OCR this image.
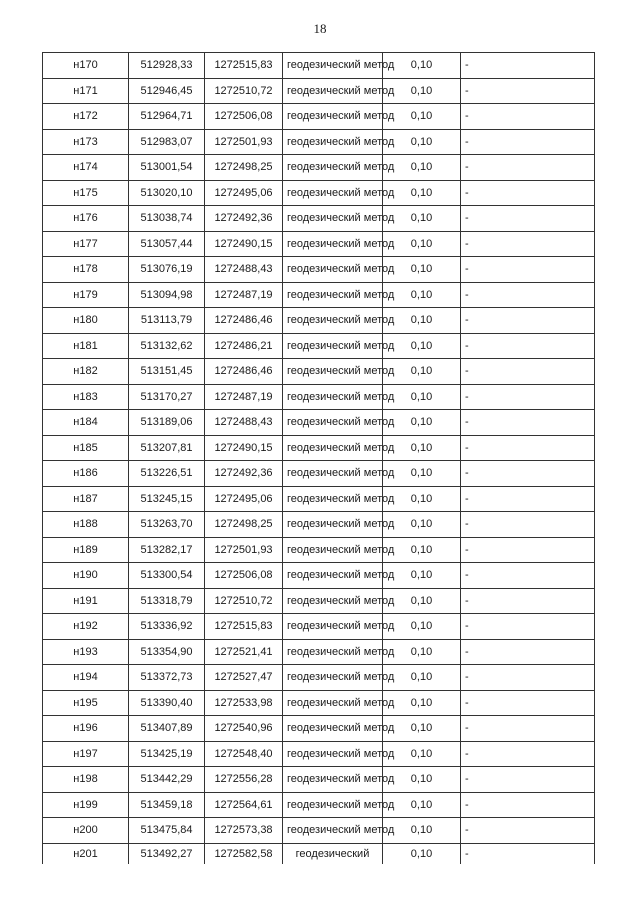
18
н170	512928,33	1272515,83	геодезический метод	0,10	-
н171	512946,45	1272510,72	геодезический метод	0,10	-
н172	512964,71	1272506,08	геодезический метод	0,10	-
н173	512983,07	1272501,93	геодезический метод	0,10	-
н174	513001,54	1272498,25	геодезический метод	0,10	-
н175	513020,10	1272495,06	геодезический метод	0,10	-
н176	513038,74	1272492,36	геодезический метод	0,10	-
н177	513057,44	1272490,15	геодезический метод	0,10	-
н178	513076,19	1272488,43	геодезический метод	0,10	-
н179	513094,98	1272487,19	геодезический метод	0,10	-
н180	513113,79	1272486,46	геодезический метод	0,10	-
н181	513132,62	1272486,21	геодезический метод	0,10	-
н182	513151,45	1272486,46	геодезический метод	0,10	-
н183	513170,27	1272487,19	геодезический метод	0,10	-
н184	513189,06	1272488,43	геодезический метод	0,10	-
н185	513207,81	1272490,15	геодезический метод	0,10	-
н186	513226,51	1272492,36	геодезический метод	0,10	-
н187	513245,15	1272495,06	геодезический метод	0,10	-
н188	513263,70	1272498,25	геодезический метод	0,10	-
н189	513282,17	1272501,93	геодезический метод	0,10	-
н190	513300,54	1272506,08	геодезический метод	0,10	-
н191	513318,79	1272510,72	геодезический метод	0,10	-
н192	513336,92	1272515,83	геодезический метод	0,10	-
н193	513354,90	1272521,41	геодезический метод	0,10	-
н194	513372,73	1272527,47	геодезический метод	0,10	-
н195	513390,40	1272533,98	геодезический метод	0,10	-
н196	513407,89	1272540,96	геодезический метод	0,10	-
н197	513425,19	1272548,40	геодезический метод	0,10	-
н198	513442,29	1272556,28	геодезический метод	0,10	-
н199	513459,18	1272564,61	геодезический метод	0,10	-
н200	513475,84	1272573,38	геодезический метод	0,10	-
н201	513492,27	1272582,58	геодезический	0,10	-
